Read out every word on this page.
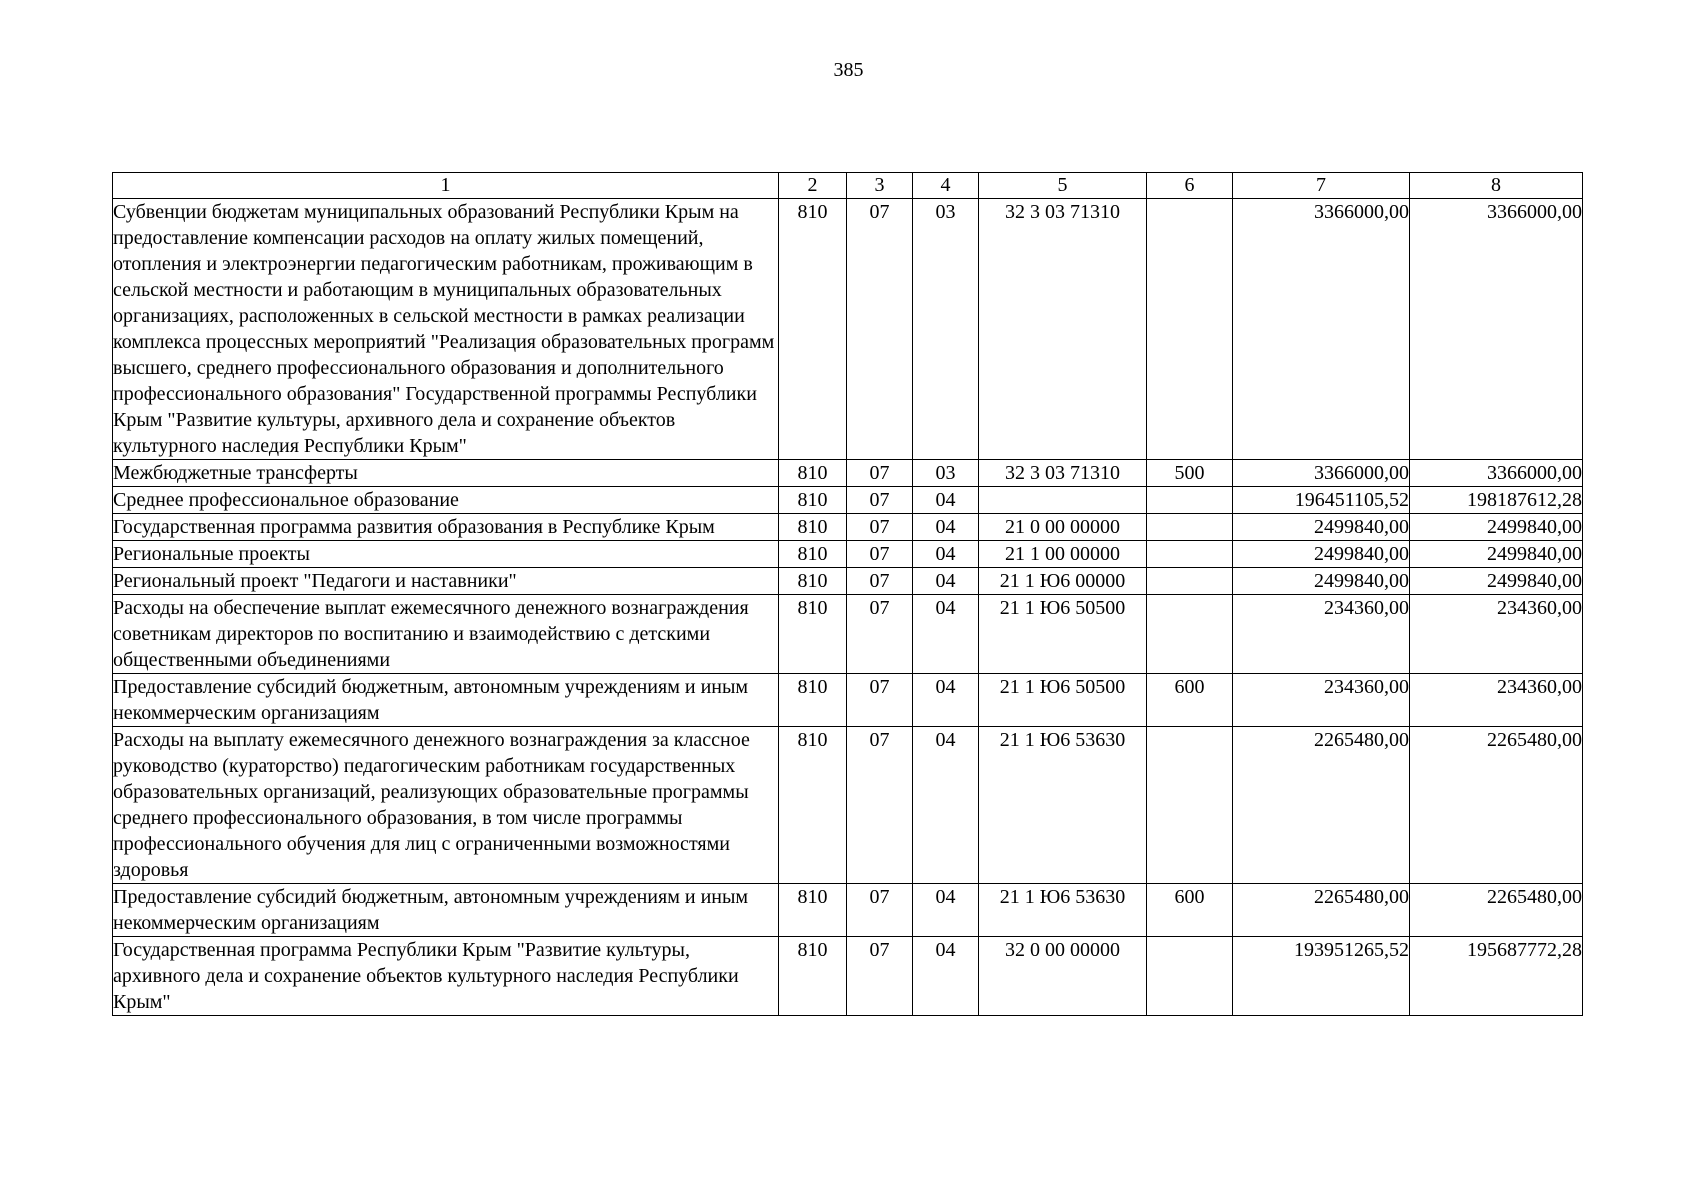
385
1	2	3	4	5	6	7	8
Субвенции бюджетам муниципальных образований Республики Крым на предоставление компенсации расходов на оплату жилых помещений, отопления и электроэнергии педагогическим работникам, проживающим в сельской местности и работающим в муниципальных образовательных организациях, расположенных в сельской местности в рамках реализации комплекса процессных мероприятий "Реализация образовательных программ высшего, среднего профессионального образования и дополнительного профессионального образования" Государственной программы Республики Крым "Развитие культуры, архивного дела и сохранение объектов культурного наследия Республики Крым"	810	07	03	32 3 03 71310		3366000,00	3366000,00
Межбюджетные трансферты	810	07	03	32 3 03 71310	500	3366000,00	3366000,00
Среднее профессиональное образование	810	07	04			196451105,52	198187612,28
Государственная программа развития образования в Республике Крым	810	07	04	21 0 00 00000		2499840,00	2499840,00
Региональные проекты	810	07	04	21 1 00 00000		2499840,00	2499840,00
Региональный проект "Педагоги и наставники"	810	07	04	21 1 Ю6 00000		2499840,00	2499840,00
Расходы на обеспечение выплат ежемесячного денежного вознаграждения советникам директоров по воспитанию и взаимодействию с детскими общественными объединениями	810	07	04	21 1 Ю6 50500		234360,00	234360,00
Предоставление субсидий бюджетным, автономным учреждениям и иным некоммерческим организациям	810	07	04	21 1 Ю6 50500	600	234360,00	234360,00
Расходы на выплату ежемесячного денежного вознаграждения за классное руководство (кураторство) педагогическим работникам государственных образовательных организаций, реализующих образовательные программы среднего профессионального образования, в том числе программы профессионального обучения для лиц с ограниченными возможностями здоровья	810	07	04	21 1 Ю6 53630		2265480,00	2265480,00
Предоставление субсидий бюджетным, автономным учреждениям и иным некоммерческим организациям	810	07	04	21 1 Ю6 53630	600	2265480,00	2265480,00
Государственная программа Республики Крым "Развитие культуры, архивного дела и сохранение объектов культурного наследия Республики Крым"	810	07	04	32 0 00 00000		193951265,52	195687772,28
